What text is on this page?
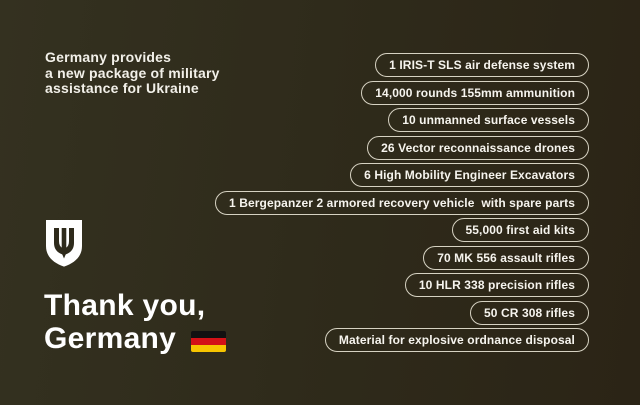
Germany provides
a new package of military
assistance for Ukraine
1 IRIS-T SLS air defense system
14,000 rounds 155mm ammunition
10 unmanned surface vessels
26 Vector reconnaissance drones
6 High Mobility Engineer Excavators
1 Bergepanzer 2 armored recovery vehicle  with spare parts
55,000 first aid kits
70 MK 556 assault rifles
10 HLR 338 precision rifles
50 CR 308 rifles
Material for explosive ordnance disposal
Thank you,
Germany
